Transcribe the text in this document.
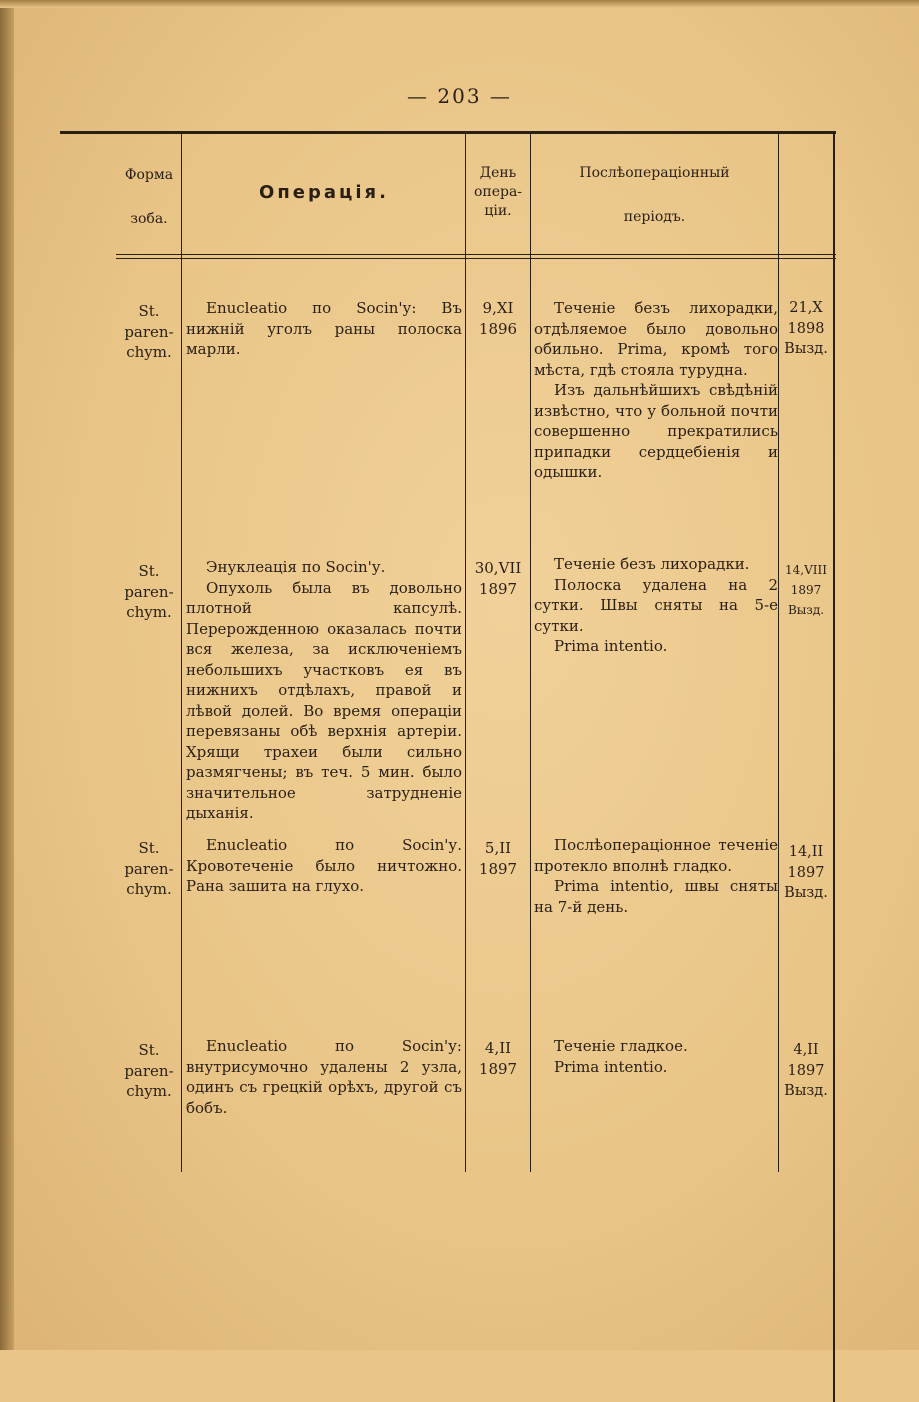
— 203 —
Форма

зоба.
Операція.
День
опера-
ціи.
Послѣоперaціонный

періодъ.
St.
paren-
chym.
Enucleatio по Socin'у: Въ нижній уголъ раны полоска марли.
9,XI
1896
Теченіе безъ лихорадки, отдѣляемое было довольно обильно. Prima, кромѣ того мѣста, гдѣ стояла турудна.
Изъ дальнѣйшихъ свѣдѣній извѣстно, что у больной почти совершенно прекратились припадки сердцебіенія и одышки.
21,X
1898
Вызд.
St.
paren-
chym.
Энуклеація по Socin'у.
Опухоль была въ довольно плотной капсулѣ. Перерожденною оказалась почти вся железа, за исключеніемъ небольшихъ участковъ ея въ нижнихъ отдѣлахъ, правой и лѣвой долей. Во время операціи перевязаны обѣ верхнія артеріи. Хрящи трахеи были сильно размягчены; въ теч. 5 мин. было значительное затрудненіе дыханія.
30,VII
1897
Теченіе безъ лихорадки.
Полоска удалена на 2 сутки. Швы сняты на 5-е сутки.
Prima intentio.
14,VIII
1897
Вызд.
St.
paren-
chym.
Enucleatio по Socin'у. Кровотеченіе было ничтожно. Рана зашита на глухо.
5,II
1897
Послѣоперaціонное теченіе протекло вполнѣ гладко.
Prima intentio, швы сняты на 7-й день.
14,II
1897
Вызд.
St.
paren-
chym.
Enucleatio по Socin'у: внутрисумочно удалены 2 узла, одинъ съ грецкій орѣхъ, другой съ бобъ.
4,II
1897
Теченіе гладкое.
Prima intentio.
4,II
1897
Вызд.
